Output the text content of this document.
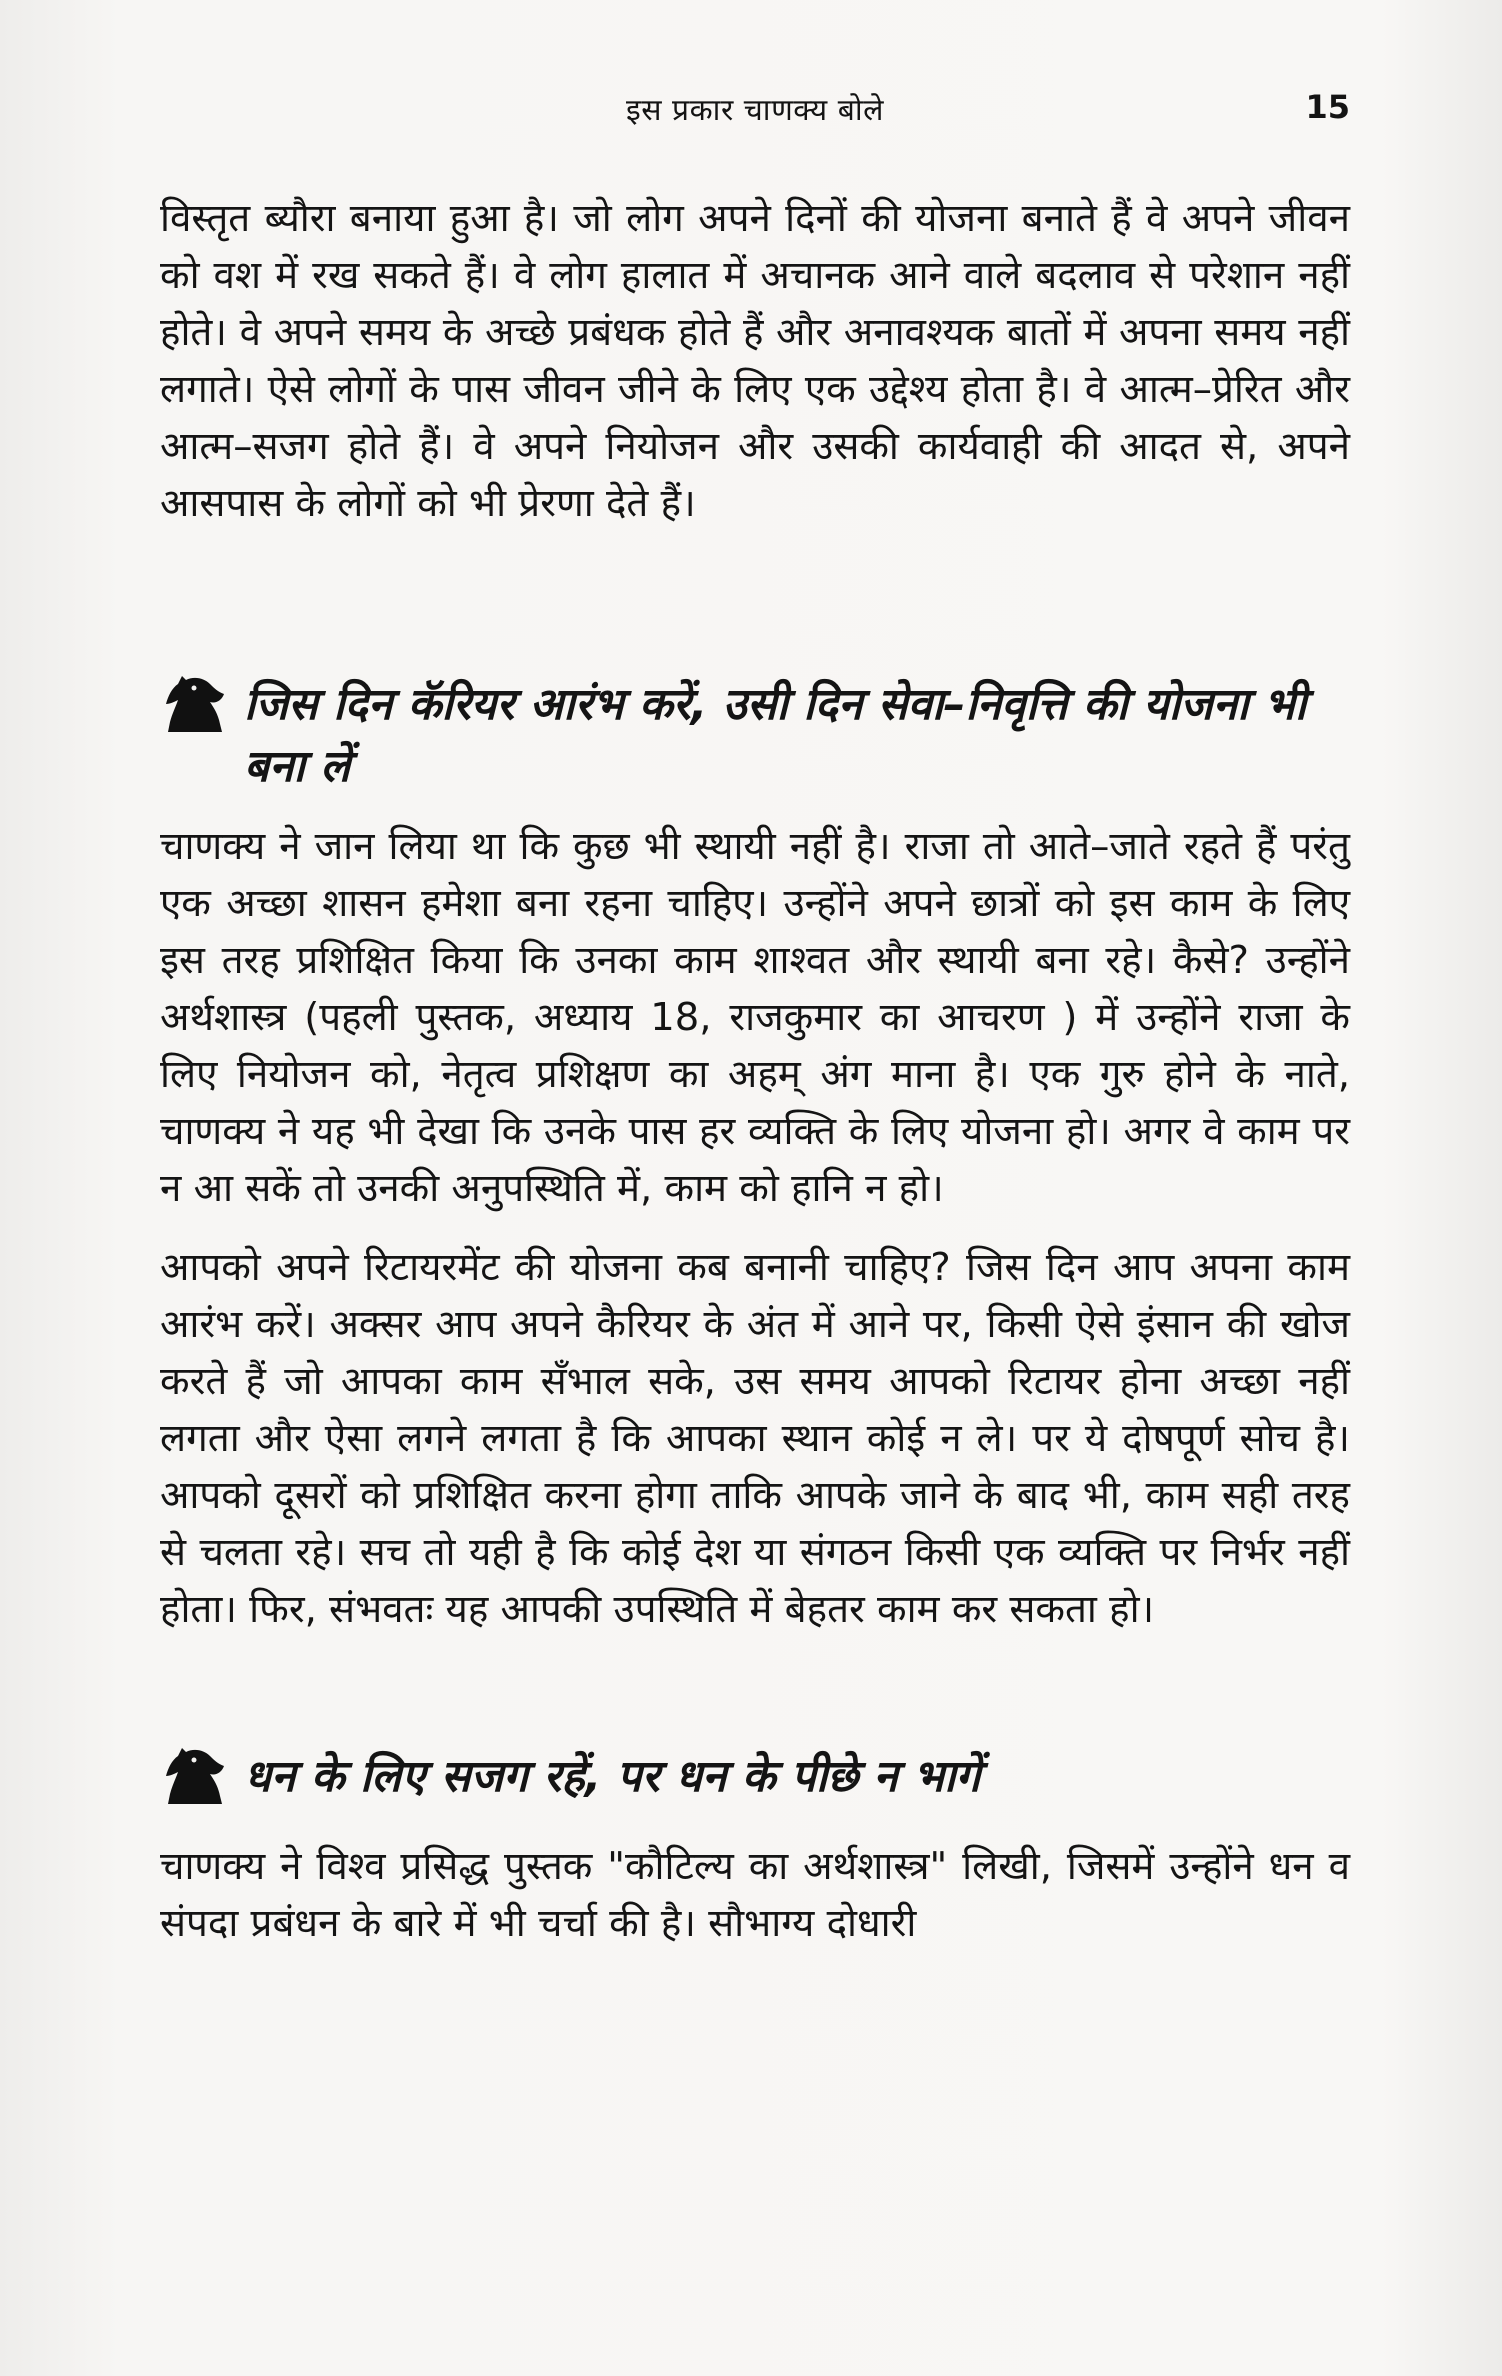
इस प्रकार चाणक्य बोले	15

विस्तृत ब्यौरा बनाया हुआ है। जो लोग अपने दिनों की योजना बनाते हैं वे अपने जीवन को वश में रख सकते हैं। वे लोग हालात में अचानक आने वाले बदलाव से परेशान नहीं होते। वे अपने समय के अच्छे प्रबंधक होते हैं और अनावश्यक बातों में अपना समय नहीं लगाते। ऐसे लोगों के पास जीवन जीने के लिए एक उद्देश्य होता है। वे आत्म–प्रेरित और आत्म–सजग होते हैं। वे अपने नियोजन और उसकी कार्यवाही की आदत से, अपने आसपास के लोगों को भी प्रेरणा देते हैं।

जिस दिन कॅरियर आरंभ करें, उसी दिन सेवा–निवृत्ति की योजना भी बना लें

चाणक्य ने जान लिया था कि कुछ भी स्थायी नहीं है। राजा तो आते–जाते रहते हैं परंतु एक अच्छा शासन हमेशा बना रहना चाहिए। उन्होंने अपने छात्रों को इस काम के लिए इस तरह प्रशिक्षित किया कि उनका काम शाश्वत और स्थायी बना रहे। कैसे? उन्होंने अर्थशास्त्र (पहली पुस्तक, अध्याय 18, राजकुमार का आचरण ) में उन्होंने राजा के लिए नियोजन को, नेतृत्व प्रशिक्षण का अहम् अंग माना है। एक गुरु होने के नाते, चाणक्य ने यह भी देखा कि उनके पास हर व्यक्ति के लिए योजना हो। अगर वे काम पर न आ सकें तो उनकी अनुपस्थिति में, काम को हानि न हो।

आपको अपने रिटायरमेंट की योजना कब बनानी चाहिए? जिस दिन आप अपना काम आरंभ करें। अक्सर आप अपने कैरियर के अंत में आने पर, किसी ऐसे इंसान की खोज करते हैं जो आपका काम सँभाल सके, उस समय आपको रिटायर होना अच्छा नहीं लगता और ऐसा लगने लगता है कि आपका स्थान कोई न ले। पर ये दोषपूर्ण सोच है। आपको दूसरों को प्रशिक्षित करना होगा ताकि आपके जाने के बाद भी, काम सही तरह से चलता रहे। सच तो यही है कि कोई देश या संगठन किसी एक व्यक्ति पर निर्भर नहीं होता। फिर, संभवतः यह आपकी उपस्थिति में बेहतर काम कर सकता हो।

धन के लिए सजग रहें, पर धन के पीछे न भागें

चाणक्य ने विश्व प्रसिद्ध पुस्तक "कौटिल्य का अर्थशास्त्र" लिखी, जिसमें उन्होंने धन व संपदा प्रबंधन के बारे में भी चर्चा की है। सौभाग्य दोधारी
